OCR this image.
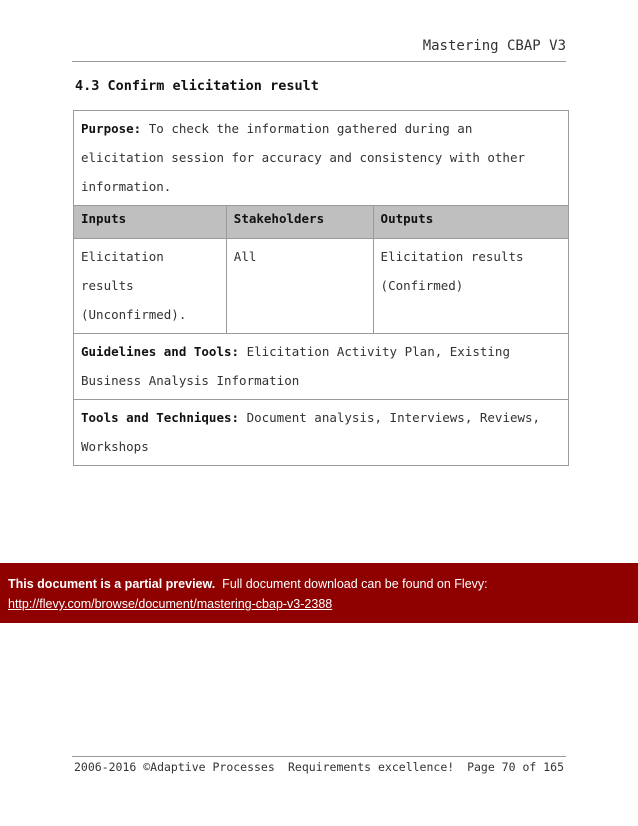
Mastering CBAP V3
4.3 Confirm elicitation result
Purpose: To check the information gathered during an elicitation session for accuracy and consistency with other information.		
Inputs	Stakeholders	Outputs
Elicitation results (Unconfirmed).	All	Elicitation results (Confirmed)
Guidelines and Tools: Elicitation Activity Plan, Existing Business Analysis Information		
Tools and Techniques: Document analysis, Interviews, Reviews, Workshops		
This document is a partial preview.  Full document download can be found on Flevy:
http://flevy.com/browse/document/mastering-cbap-v3-2388
2006-2016 ©Adaptive Processes Requirements excellence! Page 70 of 165
